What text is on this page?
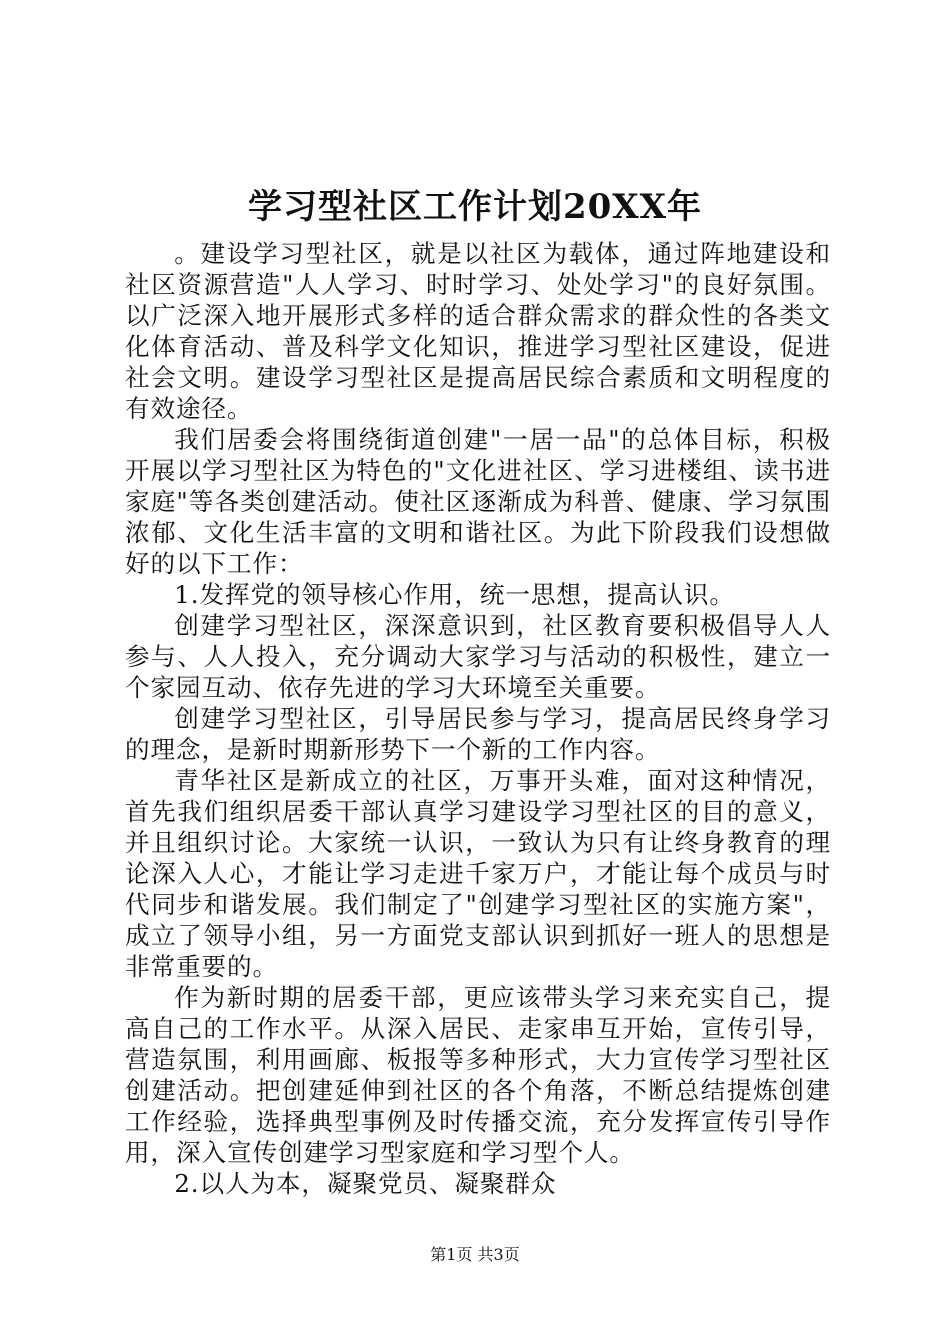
学习型社区工作计划20XX年

。建设学习型社区，就是以社区为载体，通过阵地建设和社区资源营造"人人学习、时时学习、处处学习"的良好氛围。以广泛深入地开展形式多样的适合群众需求的群众性的各类文化体育活动、普及科学文化知识，推进学习型社区建设，促进社会文明。建设学习型社区是提高居民综合素质和文明程度的有效途径。

我们居委会将围绕街道创建"一居一品"的总体目标，积极开展以学习型社区为特色的"文化进社区、学习进楼组、读书进家庭"等各类创建活动。使社区逐渐成为科普、健康、学习氛围浓郁、文化生活丰富的文明和谐社区。为此下阶段我们设想做好的以下工作：

1.发挥党的领导核心作用，统一思想，提高认识。

创建学习型社区，深深意识到，社区教育要积极倡导人人参与、人人投入，充分调动大家学习与活动的积极性，建立一个家园互动、依存先进的学习大环境至关重要。

创建学习型社区，引导居民参与学习，提高居民终身学习的理念，是新时期新形势下一个新的工作内容。

青华社区是新成立的社区，万事开头难，面对这种情况，首先我们组织居委干部认真学习建设学习型社区的目的意义，并且组织讨论。大家统一认识，一致认为只有让终身教育的理论深入人心，才能让学习走进千家万户，才能让每个成员与时代同步和谐发展。我们制定了"创建学习型社区的实施方案"，成立了领导小组，另一方面党支部认识到抓好一班人的思想是非常重要的。

作为新时期的居委干部，更应该带头学习来充实自己，提高自己的工作水平。从深入居民、走家串互开始，宣传引导，营造氛围，利用画廊、板报等多种形式，大力宣传学习型社区创建活动。把创建延伸到社区的各个角落，不断总结提炼创建工作经验，选择典型事例及时传播交流，充分发挥宣传引导作用，深入宣传创建学习型家庭和学习型个人。

2.以人为本，凝聚党员、凝聚群众

第1页 共3页
